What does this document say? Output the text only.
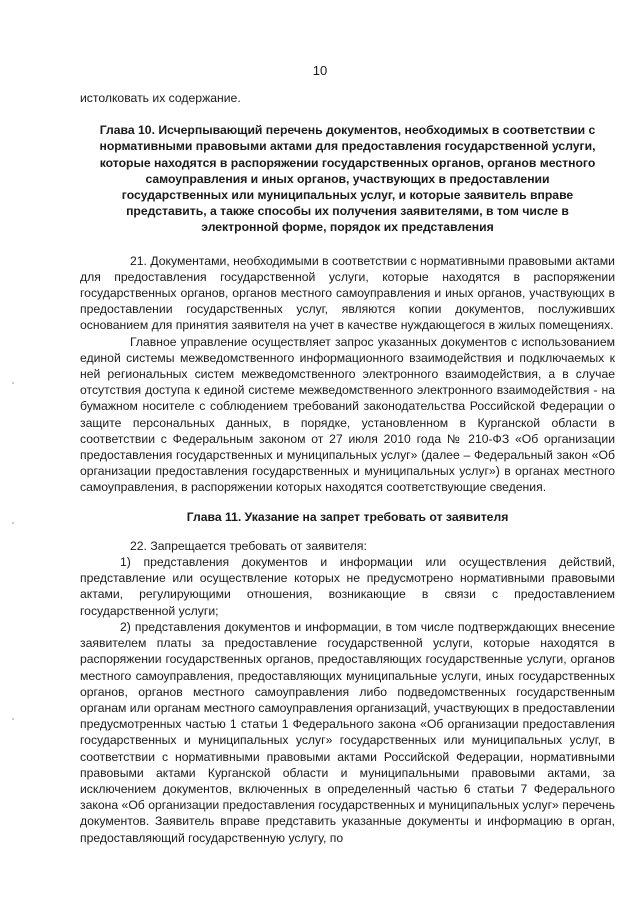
10

истолковать их содержание.

Глава 10. Исчерпывающий перечень документов, необходимых в соответствии с нормативными правовыми актами для предоставления государственной услуги, которые находятся в распоряжении государственных органов, органов местного самоуправления и иных органов, участвующих в предоставлении государственных или муниципальных услуг, и которые заявитель вправе представить, а также способы их получения заявителями, в том числе в электронной форме, порядок их представления

21. Документами, необходимыми в соответствии с нормативными правовыми актами для предоставления государственной услуги, которые находятся в распоряжении государственных органов, органов местного самоуправления и иных органов, участвующих в предоставлении государственных услуг, являются копии документов, послуживших основанием для принятия заявителя на учет в качестве нуждающегося в жилых помещениях.

Главное управление осуществляет запрос указанных документов с использованием единой системы межведомственного информационного взаимодействия и подключаемых к ней региональных систем межведомственного электронного взаимодействия, а в случае отсутствия доступа к единой системе межведомственного электронного взаимодействия - на бумажном носителе с соблюдением требований законодательства Российской Федерации о защите персональных данных, в порядке, установленном в Курганской области в соответствии с Федеральным законом от 27 июля 2010 года № 210-ФЗ «Об организации предоставления государственных и муниципальных услуг» (далее – Федеральный закон «Об организации предоставления государственных и муниципальных услуг») в органах местного самоуправления, в распоряжении которых находятся соответствующие сведения.

Глава 11. Указание на запрет требовать от заявителя

22. Запрещается требовать от заявителя:

1) представления документов и информации или осуществления действий, представление или осуществление которых не предусмотрено нормативными правовыми актами, регулирующими отношения, возникающие в связи с предоставлением государственной услуги;

2) представления документов и информации, в том числе подтверждающих внесение заявителем платы за предоставление государственной услуги, которые находятся в распоряжении государственных органов, предоставляющих государственные услуги, органов местного самоуправления, предоставляющих муниципальные услуги, иных государственных органов, органов местного самоуправления либо подведомственных государственным органам или органам местного самоуправления организаций, участвующих в предоставлении предусмотренных частью 1 статьи 1 Федерального закона «Об организации предоставления государственных и муниципальных услуг» государственных или муниципальных услуг, в соответствии с нормативными правовыми актами Российской Федерации, нормативными правовыми актами Курганской области и муниципальными правовыми актами, за исключением документов, включенных в определенный частью 6 статьи 7 Федерального закона «Об организации предоставления государственных и муниципальных услуг» перечень документов. Заявитель вправе представить указанные документы и информацию в орган, предоставляющий государственную услугу, по
